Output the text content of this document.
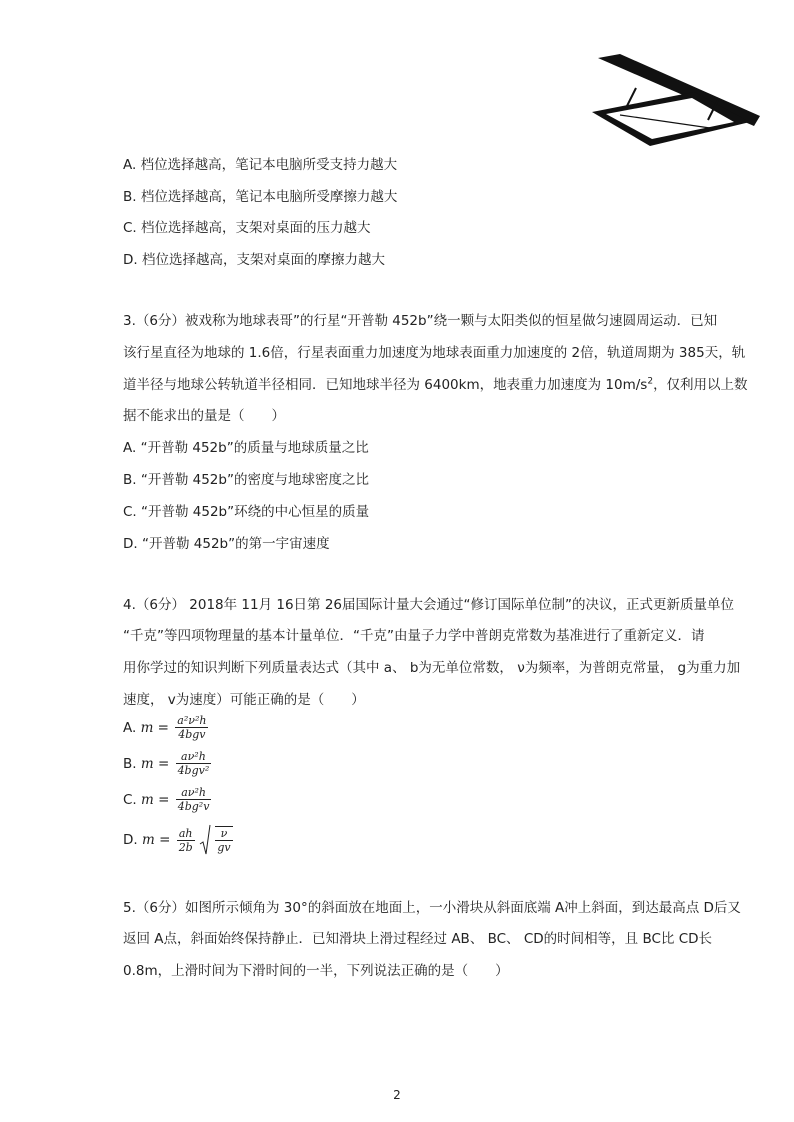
A. 档位选择越高，笔记本电脑所受支持力越大
B. 档位选择越高，笔记本电脑所受摩擦力越大
C. 档位选择越高，支架对桌面的压力越大
D. 档位选择越高，支架对桌面的摩擦力越大
3.（6分）被戏称为地球表哥”的行星“开普勒 452b”绕一颗与太阳类似的恒星做匀速圆周运动．已知
该行星直径为地球的 1.6倍，行星表面重力加速度为地球表面重力加速度的 2倍，轨道周期为 385天，轨
道半径与地球公转轨道半径相同．已知地球半径为 6400km，地表重力加速度为 $10m/s^2$，仅利用以上数
据不能求出的量是（　　）
A. “开普勒 452b”的质量与地球质量之比
B. “开普勒 452b”的密度与地球密度之比
C. “开普勒 452b”环绕的中心恒星的质量
D. “开普勒 452b”的第一宇宙速度
4.（6分） 2018年 11月 16日第 26届国际计量大会通过“修订国际单位制”的决议，正式更新质量单位
“千克”等四项物理量的基本计量单位．“千克”由量子力学中普朗克常数为基准进行了重新定义．请
用你学过的知识判断下列质量表达式（其中 a、 b为无单位常数， ν为频率，为普朗克常量， g为重力加
速度， v为速度）可能正确的是（　　）
A. $m = \frac{\text{a²ν²h}}{\text{4bgv}}$
B. $m = \frac{\text{aν²h}}{\text{4bgv²}}$
C. $m = \frac{\text{aν²h}}{\text{4bg²v}}$
D. $m = \frac{ah}{2b}$
$\frac{\nu}{gv}$
5.（6分）如图所示倾角为 30°的斜面放在地面上，一小滑块从斜面底端 A冲上斜面，到达最高点 D后又
返回 A点，斜面始终保持静止．已知滑块上滑过程经过 AB、 BC、 CD的时间相等，且 BC比 CD长
0.8m，上滑时间为下滑时间的一半，下列说法正确的是（　　）
2
